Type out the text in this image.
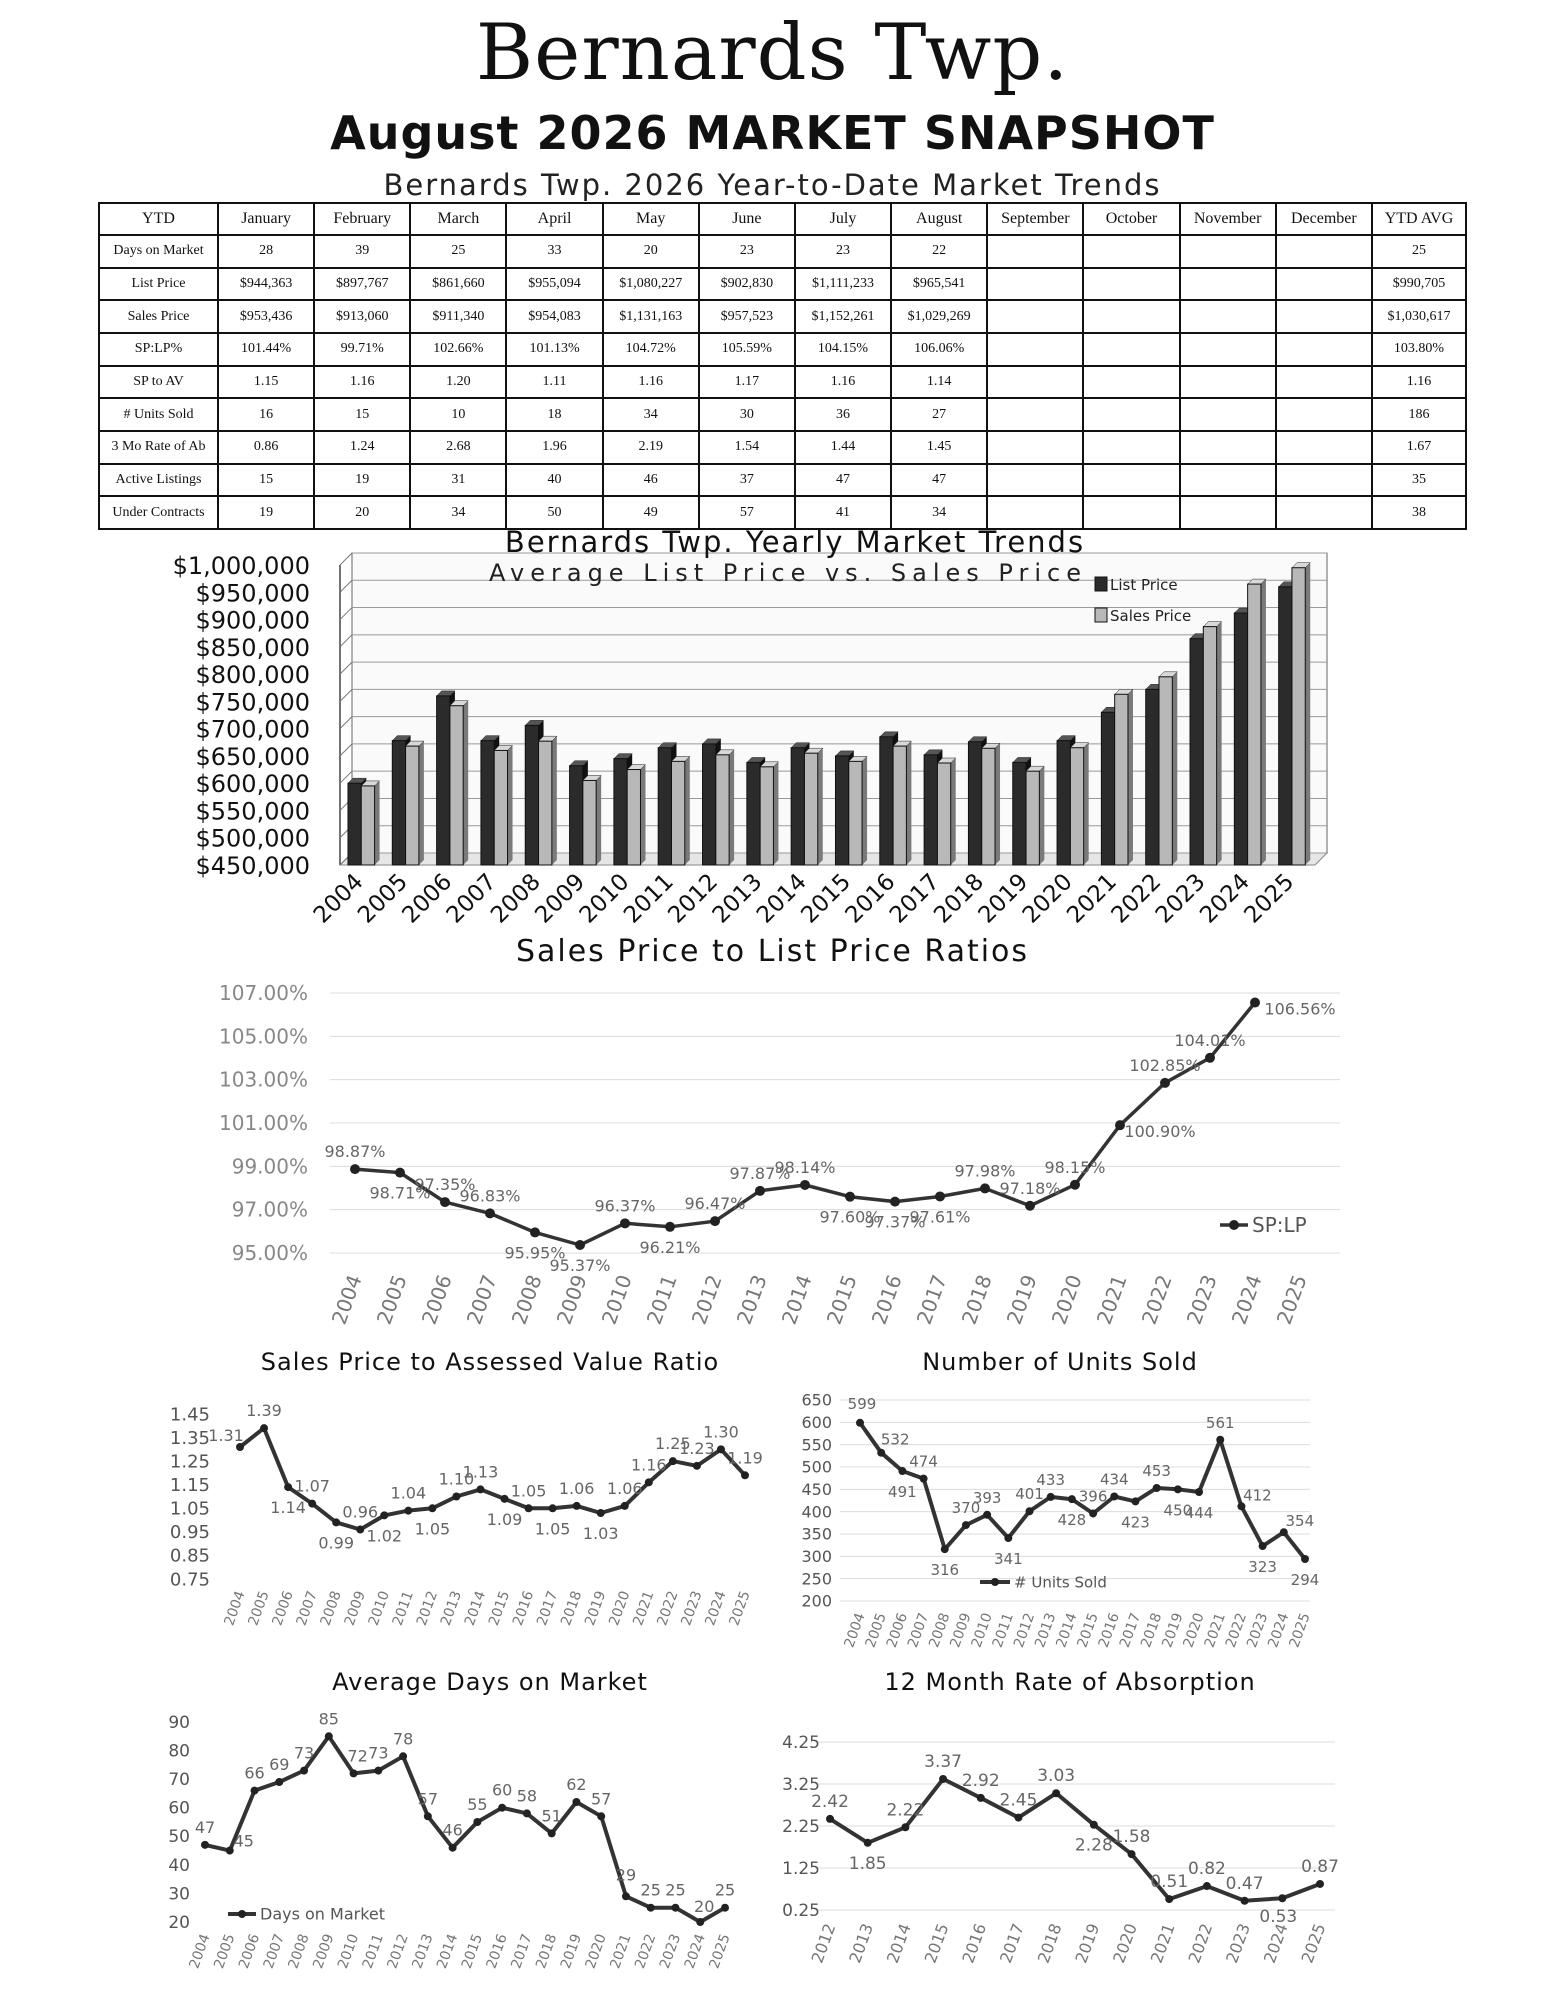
Bernards Twp.
August 2026 MARKET SNAPSHOT
Bernards Twp. 2026 Year-to-Date Market Trends
YTD	January	February	March	April	May	June	July	August	September	October	November	December	YTD AVG
Days on Market	28	39	25	33	20	23	23	22					25
List Price	$944,363	$897,767	$861,660	$955,094	$1,080,227	$902,830	$1,111,233	$965,541					$990,705
Sales Price	$953,436	$913,060	$911,340	$954,083	$1,131,163	$957,523	$1,152,261	$1,029,269					$1,030,617
SP:LP%	101.44%	99.71%	102.66%	101.13%	104.72%	105.59%	104.15%	106.06%					103.80%
SP to AV	1.15	1.16	1.20	1.11	1.16	1.17	1.16	1.14					1.16
# Units Sold	16	15	10	18	34	30	36	27					186
3 Mo Rate of Ab	0.86	1.24	2.68	1.96	2.19	1.54	1.44	1.45					1.67
Active Listings	15	19	31	40	46	37	47	47					35
Under Contracts	19	20	34	50	49	57	41	34					38
$450,000
$500,000
$550,000
$600,000
$650,000
$700,000
$750,000
$800,000
$850,000
$900,000
$950,000
$1,000,000
2004
2005
2006
2007
2008
2009
2010
2011
2012
2013
2014
2015
2016
2017
2018
2019
2020
2021
2022
2023
2024
2025
Bernards Twp. Yearly Market Trends
Average List Price vs. Sales Price List Price
Sales Price
Sales Price to List Price Ratios
95.00%
97.00%
99.00%
101.00%
103.00%
105.00%
107.00%
2004 2005 2006 2007 2008 2009 2010 2011 2012 2013 2014 2015 2016 2017 2018 2019 2020 2021 2022 2023 2024 2025
98.87%
98.71%
97.35%
96.83%
95.95%
95.37%
96.37%
96.21%
96.47%
97.87%
98.14%
97.60%
97.37%
97.61%
97.98%
97.18%
98.15%
100.90%
102.85%
104.01%
106.56%
SP:LP
Sales Price to Assessed Value Ratio
0.75
0.85
0.95
1.05
1.15
1.25
1.35
1.45
2004
2005
2006
2007
2008
2009
2010
2011
2012
2013
2014
2015
2016
2017
2018
2019
2020
2021
2022
2023
2024
2025
1.31
1.39
1.14
1.07
0.99
0.96
1.02
1.04
1.05
1.10
1.13
1.09
1.05
1.05
1.06
1.03
1.06
1.16
1.25
1.23
1.30
1.19
Number of Units Sold
200
250
300
350
400
450
500
550
600
650
2004
2005
2006
2007
2008
2009
2010
2011
2012
2013
2014
2015
2016
2017
2018
2019
2020
2021
2022
2023
2024
2025
599
532
491
474
316
370
393
341
401
433
428
396
434
423
453
450
444
561
412
323
354
294
# Units Sold
Average Days on Market
20
30
40
50
60
70
80
90
2004
2005
2006
2007
2008
2009
2010
2011
2012
2013
2014
2015
2016
2017
2018
2019
2020
2021
2022
2023
2024
2025
47
45
66 69
73
85
72 73
78
57
46
55
60 58
51
62
57
29
25 25
20
25
Days on Market
12 Month Rate of Absorption
0.25
1.25
2.25
3.25
4.25
2012 2013 2014 2015 2016 2017 2018 2019 2020 2021 2022 2023 2024 2025
2.42
1.85
2.22
3.37
2.92
2.45
3.03
2.28 1.58
0.51
0.82
0.47
0.53
0.87
